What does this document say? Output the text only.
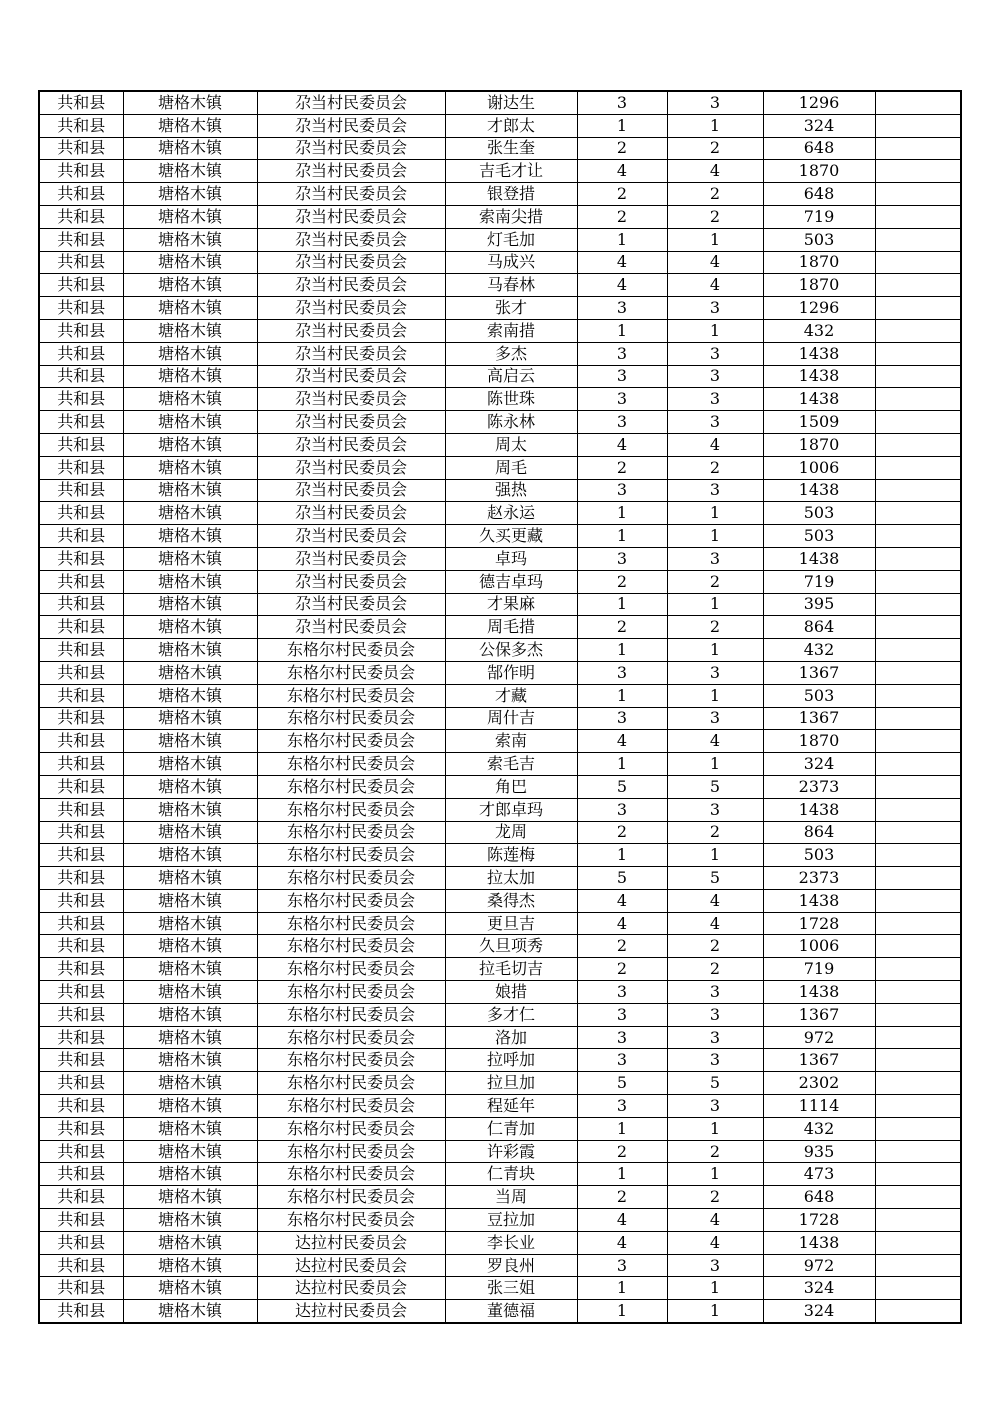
共和县	塘格木镇	尕当村民委员会	谢达生	3	3	1296	
共和县	塘格木镇	尕当村民委员会	才郎太	1	1	324	
共和县	塘格木镇	尕当村民委员会	张生奎	2	2	648	
共和县	塘格木镇	尕当村民委员会	吉毛才让	4	4	1870	
共和县	塘格木镇	尕当村民委员会	银登措	2	2	648	
共和县	塘格木镇	尕当村民委员会	索南尖措	2	2	719	
共和县	塘格木镇	尕当村民委员会	灯毛加	1	1	503	
共和县	塘格木镇	尕当村民委员会	马成兴	4	4	1870	
共和县	塘格木镇	尕当村民委员会	马春林	4	4	1870	
共和县	塘格木镇	尕当村民委员会	张才	3	3	1296	
共和县	塘格木镇	尕当村民委员会	索南措	1	1	432	
共和县	塘格木镇	尕当村民委员会	多杰	3	3	1438	
共和县	塘格木镇	尕当村民委员会	高启云	3	3	1438	
共和县	塘格木镇	尕当村民委员会	陈世珠	3	3	1438	
共和县	塘格木镇	尕当村民委员会	陈永林	3	3	1509	
共和县	塘格木镇	尕当村民委员会	周太	4	4	1870	
共和县	塘格木镇	尕当村民委员会	周毛	2	2	1006	
共和县	塘格木镇	尕当村民委员会	强热	3	3	1438	
共和县	塘格木镇	尕当村民委员会	赵永运	1	1	503	
共和县	塘格木镇	尕当村民委员会	久买更藏	1	1	503	
共和县	塘格木镇	尕当村民委员会	卓玛	3	3	1438	
共和县	塘格木镇	尕当村民委员会	德吉卓玛	2	2	719	
共和县	塘格木镇	尕当村民委员会	才果麻	1	1	395	
共和县	塘格木镇	尕当村民委员会	周毛措	2	2	864	
共和县	塘格木镇	东格尔村民委员会	公保多杰	1	1	432	
共和县	塘格木镇	东格尔村民委员会	郜作明	3	3	1367	
共和县	塘格木镇	东格尔村民委员会	才藏	1	1	503	
共和县	塘格木镇	东格尔村民委员会	周什吉	3	3	1367	
共和县	塘格木镇	东格尔村民委员会	索南	4	4	1870	
共和县	塘格木镇	东格尔村民委员会	索毛吉	1	1	324	
共和县	塘格木镇	东格尔村民委员会	角巴	5	5	2373	
共和县	塘格木镇	东格尔村民委员会	才郎卓玛	3	3	1438	
共和县	塘格木镇	东格尔村民委员会	龙周	2	2	864	
共和县	塘格木镇	东格尔村民委员会	陈莲梅	1	1	503	
共和县	塘格木镇	东格尔村民委员会	拉太加	5	5	2373	
共和县	塘格木镇	东格尔村民委员会	桑得杰	4	4	1438	
共和县	塘格木镇	东格尔村民委员会	更旦吉	4	4	1728	
共和县	塘格木镇	东格尔村民委员会	久旦项秀	2	2	1006	
共和县	塘格木镇	东格尔村民委员会	拉毛切吉	2	2	719	
共和县	塘格木镇	东格尔村民委员会	娘措	3	3	1438	
共和县	塘格木镇	东格尔村民委员会	多才仁	3	3	1367	
共和县	塘格木镇	东格尔村民委员会	洛加	3	3	972	
共和县	塘格木镇	东格尔村民委员会	拉呼加	3	3	1367	
共和县	塘格木镇	东格尔村民委员会	拉旦加	5	5	2302	
共和县	塘格木镇	东格尔村民委员会	程延年	3	3	1114	
共和县	塘格木镇	东格尔村民委员会	仁青加	1	1	432	
共和县	塘格木镇	东格尔村民委员会	许彩霞	2	2	935	
共和县	塘格木镇	东格尔村民委员会	仁青块	1	1	473	
共和县	塘格木镇	东格尔村民委员会	当周	2	2	648	
共和县	塘格木镇	东格尔村民委员会	豆拉加	4	4	1728	
共和县	塘格木镇	达拉村民委员会	李长业	4	4	1438	
共和县	塘格木镇	达拉村民委员会	罗良州	3	3	972	
共和县	塘格木镇	达拉村民委员会	张三姐	1	1	324	
共和县	塘格木镇	达拉村民委员会	董德福	1	1	324	
